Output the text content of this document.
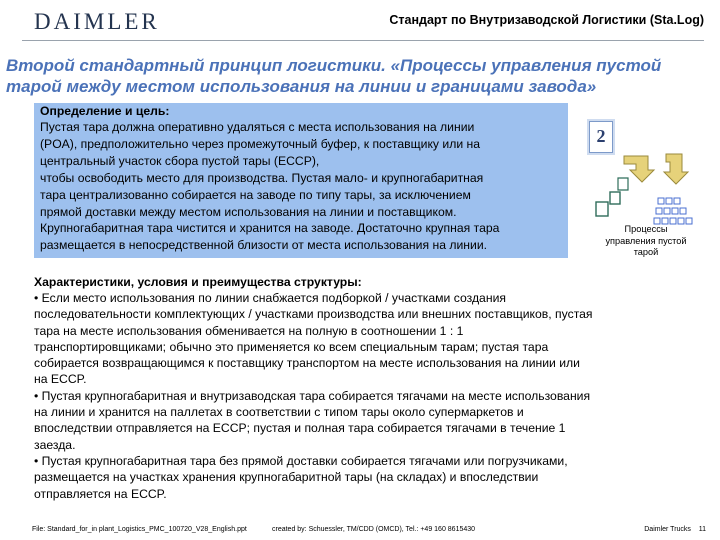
DAIMLER	Стандарт по Внутризаводской Логистики (Sta.Log)
Второй стандартный принцип логистики. «Процессы управления пустой тарой между местом использования на линии и границами завода»
Определение и цель:
Пустая тара должна оперативно удаляться с места использования на линии
(POA), предположительно через промежуточный буфер, к поставщику или на
центральный участок сбора пустой тары (ECCP),
чтобы освободить место для производства. Пустая мало- и крупногабаритная
тара централизованно собирается на заводе по типу тары, за исключением
прямой доставки между местом использования на линии и поставщиком.
Крупногабаритная тара чистится и хранится на заводе. Достаточно крупная тара
размещается в непосредственной близости от места использования на линии.
2
Процессы
управления пустой
тарой
Характеристики, условия и преимущества структуры:
• Если место использования по линии снабжается подборкой / участками создания
последовательности комплектующих / участками производства или внешних поставщиков, пустая
тара на месте использования обменивается на полную в соотношении 1 : 1
транспортировщиками; обычно это применяется ко всем специальным тарам; пустая тара
собирается возвращающимся к поставщику транспортом на месте использования на линии или
на ECCP.
• Пустая крупногабаритная и внутризаводская тара собирается тягачами на месте использования
на линии и хранится на паллетах в соответствии с типом тары около супермаркетов и
впоследствии отправляется на ECCP; пустая и полная тара собирается тягачами в течение 1
заезда.
• Пустая крупногабаритная тара без прямой доставки собирается тягачами или погрузчиками,
размещается на участках хранения крупногабаритной тары (на складах) и впоследствии
отправляется на ECCP.
File: Standard_for_in plant_Logistics_PMC_100720_V28_English.ppt	created by: Schuessler, TM/CDD (OMCD), Tel.: +49 160 8615430	Daimler Trucks 11
